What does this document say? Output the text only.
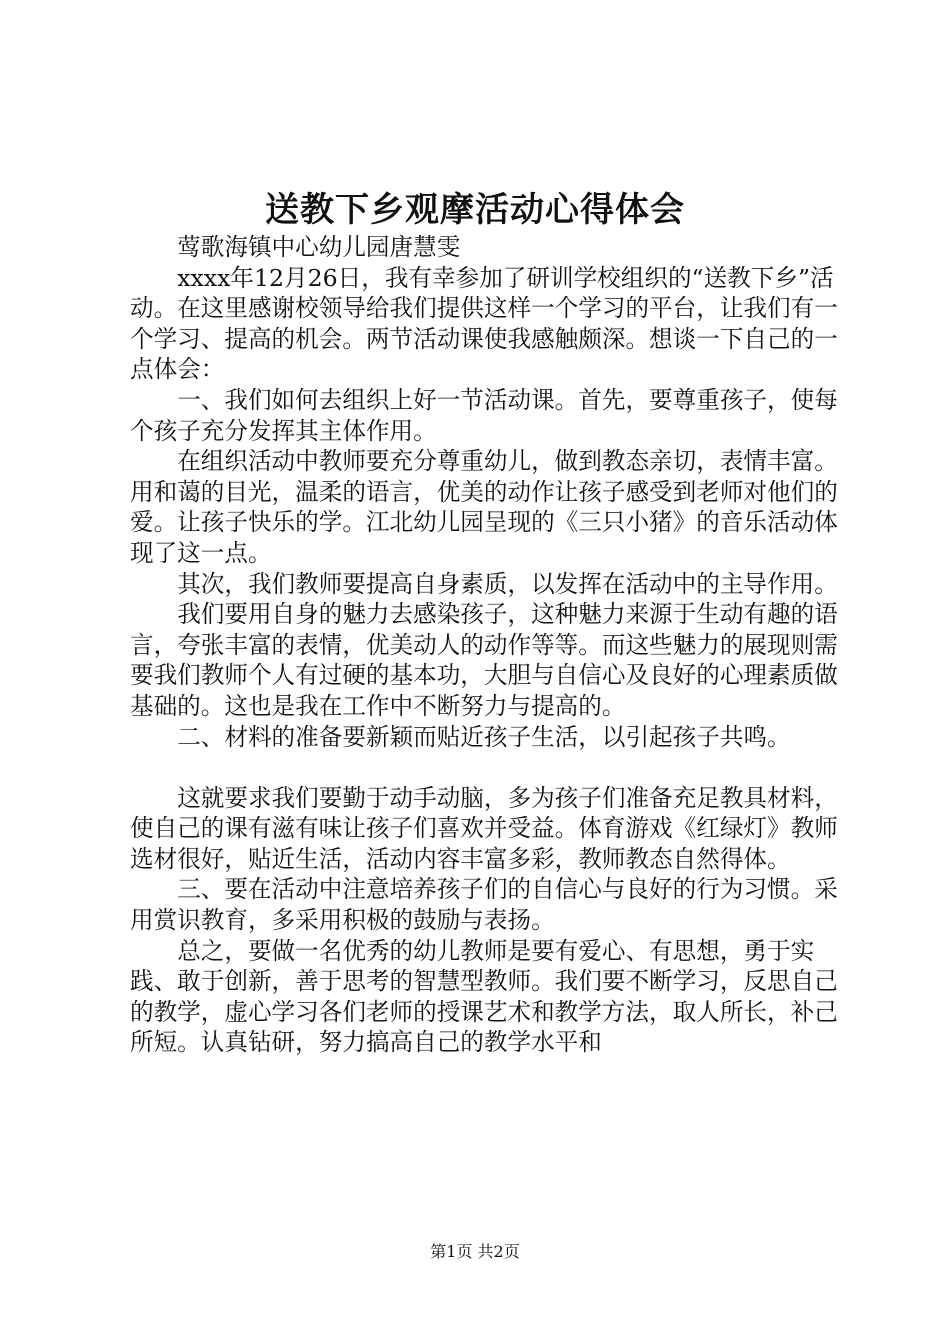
送教下乡观摩活动心得体会

莺歌海镇中心幼儿园唐慧雯

xxxx年12月26日，我有幸参加了研训学校组织的“送教下乡”活动。在这里感谢校领导给我们提供这样一个学习的平台，让我们有一个学习、提高的机会。两节活动课使我感触颇深。想谈一下自己的一点体会：

一、我们如何去组织上好一节活动课。首先，要尊重孩子，使每个孩子充分发挥其主体作用。

在组织活动中教师要充分尊重幼儿，做到教态亲切，表情丰富。用和蔼的目光，温柔的语言，优美的动作让孩子感受到老师对他们的爱。让孩子快乐的学。江北幼儿园呈现的《三只小猪》的音乐活动体现了这一点。

其次，我们教师要提高自身素质，以发挥在活动中的主导作用。

我们要用自身的魅力去感染孩子，这种魅力来源于生动有趣的语言，夸张丰富的表情，优美动人的动作等等。而这些魅力的展现则需要我们教师个人有过硬的基本功，大胆与自信心及良好的心理素质做基础的。这也是我在工作中不断努力与提高的。

二、材料的准备要新颖而贴近孩子生活，以引起孩子共鸣。

这就要求我们要勤于动手动脑，多为孩子们准备充足教具材料，使自己的课有滋有味让孩子们喜欢并受益。体育游戏《红绿灯》教师选材很好，贴近生活，活动内容丰富多彩，教师教态自然得体。

三、要在活动中注意培养孩子们的自信心与良好的行为习惯。采用赏识教育，多采用积极的鼓励与表扬。

总之，要做一名优秀的幼儿教师是要有爱心、有思想，勇于实践、敢于创新，善于思考的智慧型教师。我们要不断学习，反思自己的教学，虚心学习各们老师的授课艺术和教学方法，取人所长，补己所短。认真钻研，努力搞高自己的教学水平和

第1页 共2页
